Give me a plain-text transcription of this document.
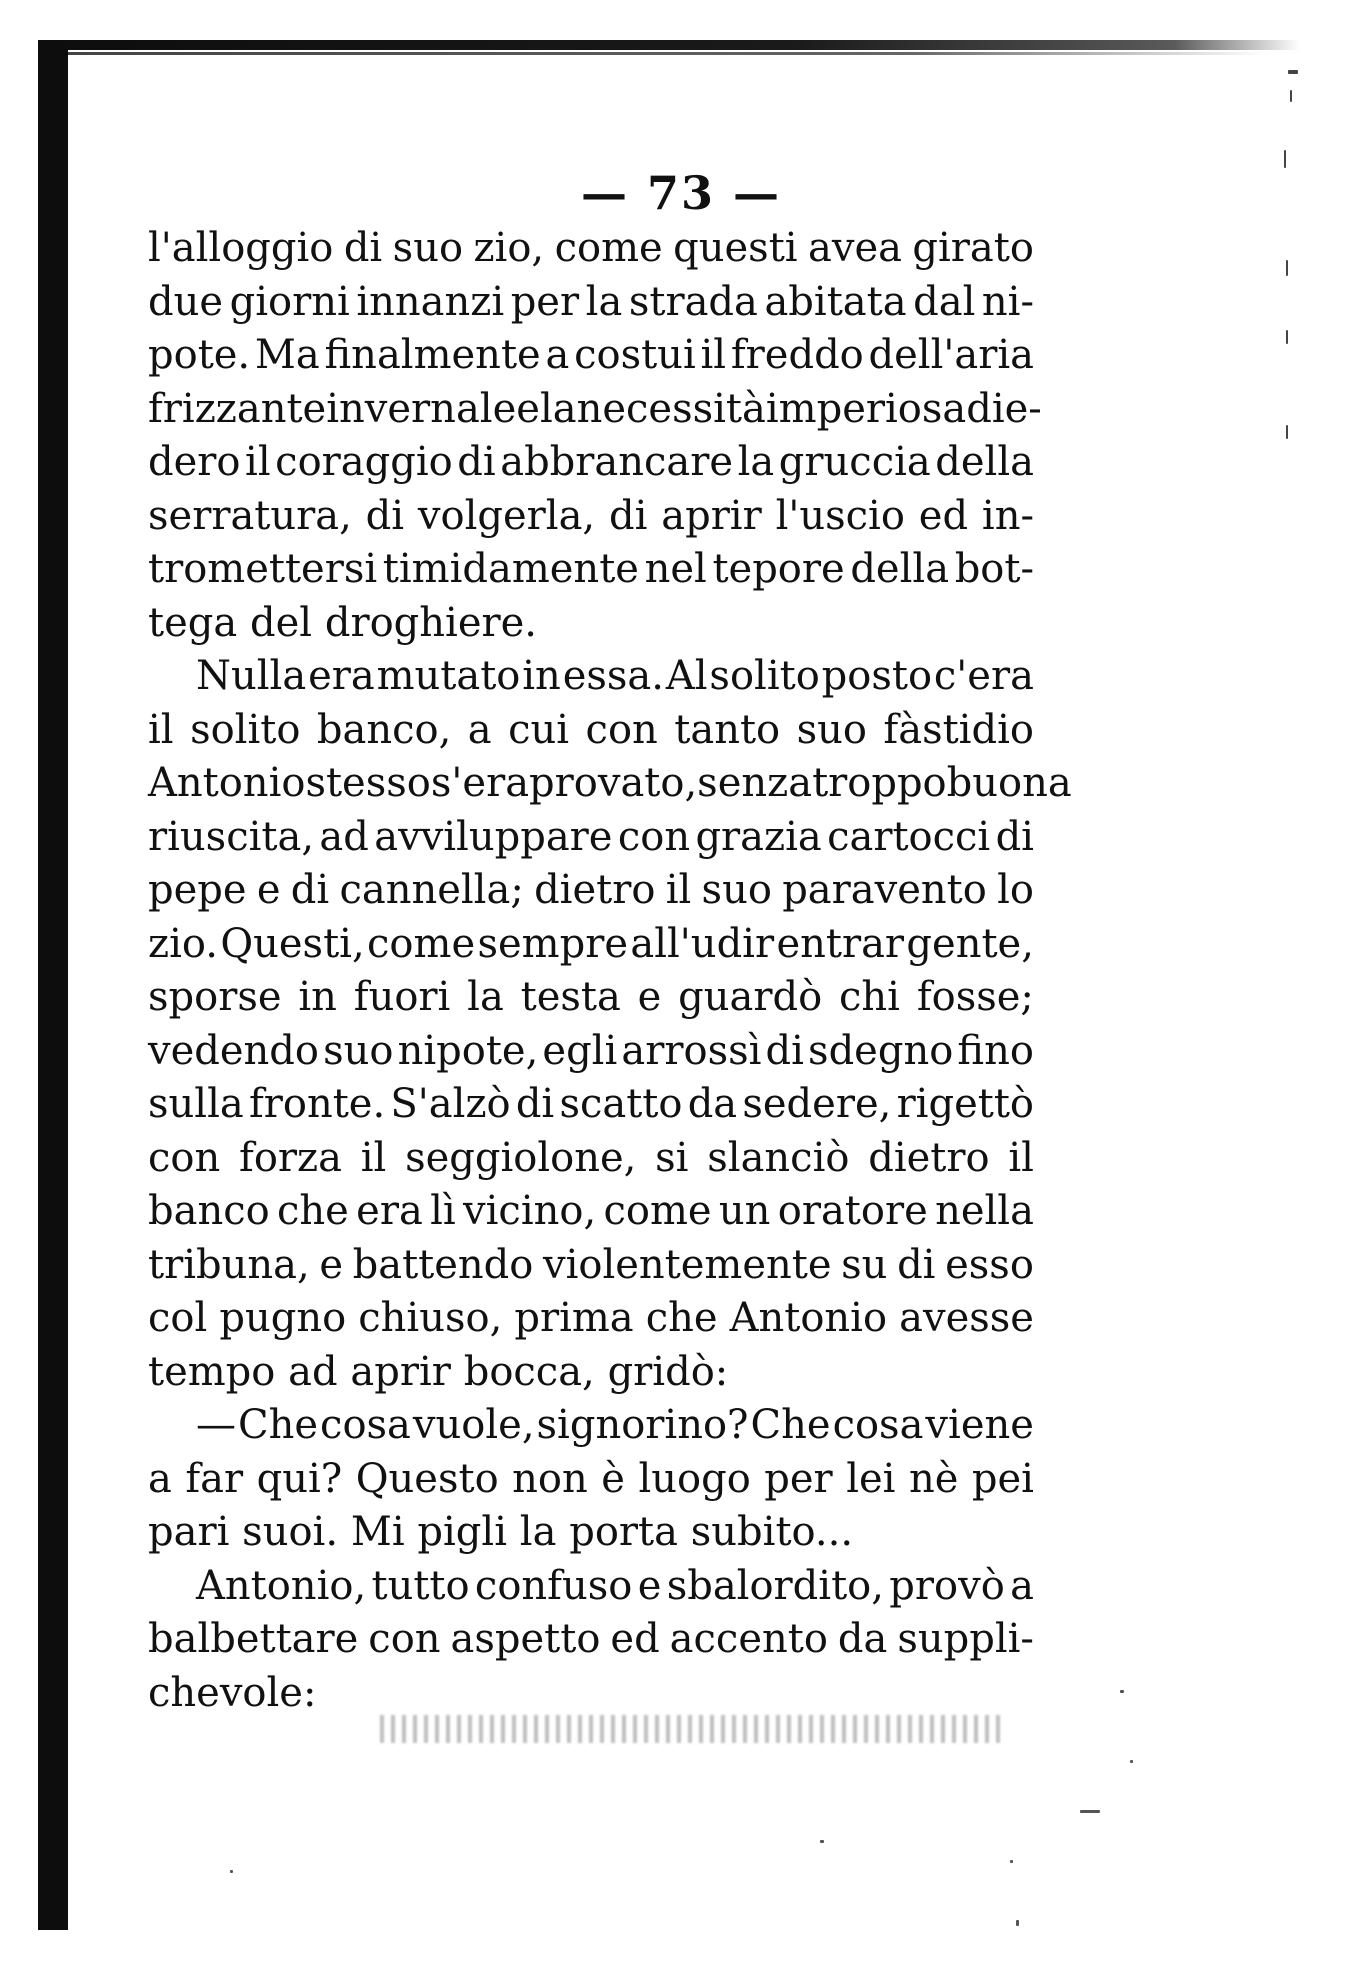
— 73 —
l'alloggio di suo zio, come questi avea girato
due giorni innanzi per la strada abitata dal ni-
pote. Ma finalmente a costui il freddo dell'aria
frizzante invernale e la necessità imperiosa die-
dero il coraggio di abbrancare la gruccia della
serratura, di volgerla, di aprir l'uscio ed in-
tromettersi timidamente nel tepore della bot-
tega del droghiere.
Nulla era mutato in essa. Al solito posto c'era
il solito banco, a cui con tanto suo fàstidio
Antonio stesso s'era provato, senza troppo buona
riuscita, ad avviluppare con grazia cartocci di
pepe e di cannella; dietro il suo paravento lo
zio. Questi, come sempre all'udir entrar gente,
sporse in fuori la testa e guardò chi fosse;
vedendo suo nipote, egli arrossì di sdegno fino
sulla fronte. S'alzò di scatto da sedere, rigettò
con forza il seggiolone, si slanciò dietro il
banco che era lì vicino, come un oratore nella
tribuna, e battendo violentemente su di esso
col pugno chiuso, prima che Antonio avesse
tempo ad aprir bocca, gridò:
— Che cosa vuole, signorino? Che cosa viene
a far qui? Questo non è luogo per lei nè pei
pari suoi. Mi pigli la porta subito...
Antonio, tutto confuso e sbalordito, provò a
balbettare con aspetto ed accento da suppli-
chevole:
